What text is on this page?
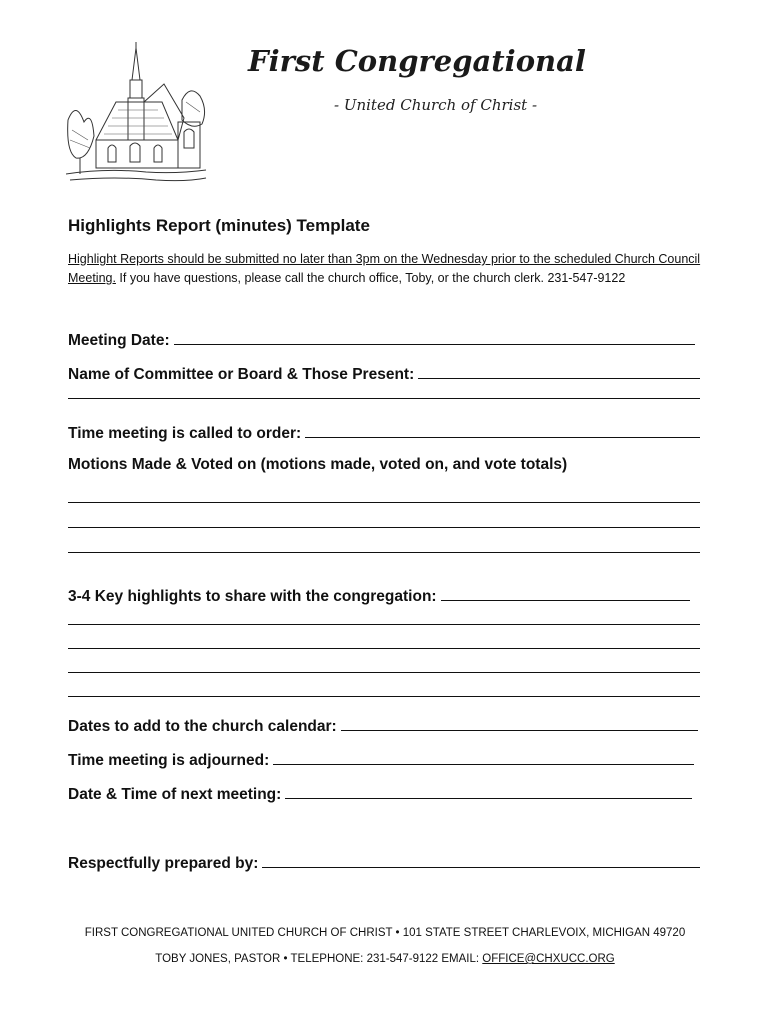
First Congregational
- United Church of Christ -
Highlights Report (minutes) Template
Highlight Reports should be submitted no later than 3pm on the Wednesday prior to the scheduled Church Council Meeting. If you have questions, please call the church office, Toby, or the church clerk. 231-547-9122
Meeting Date:
Name of Committee or Board & Those Present:
Time meeting is called to order:
Motions Made & Voted on (motions made, voted on, and vote totals)
3-4 Key highlights to share with the congregation:
Dates to add to the church calendar:
Time meeting is adjourned:
Date & Time of next meeting:
Respectfully prepared by:
FIRST CONGREGATIONAL UNITED CHURCH OF CHRIST • 101 STATE STREET CHARLEVOIX, MICHIGAN 49720
TOBY JONES, PASTOR • TELEPHONE: 231-547-9122 EMAIL: OFFICE@CHXUCC.ORG
